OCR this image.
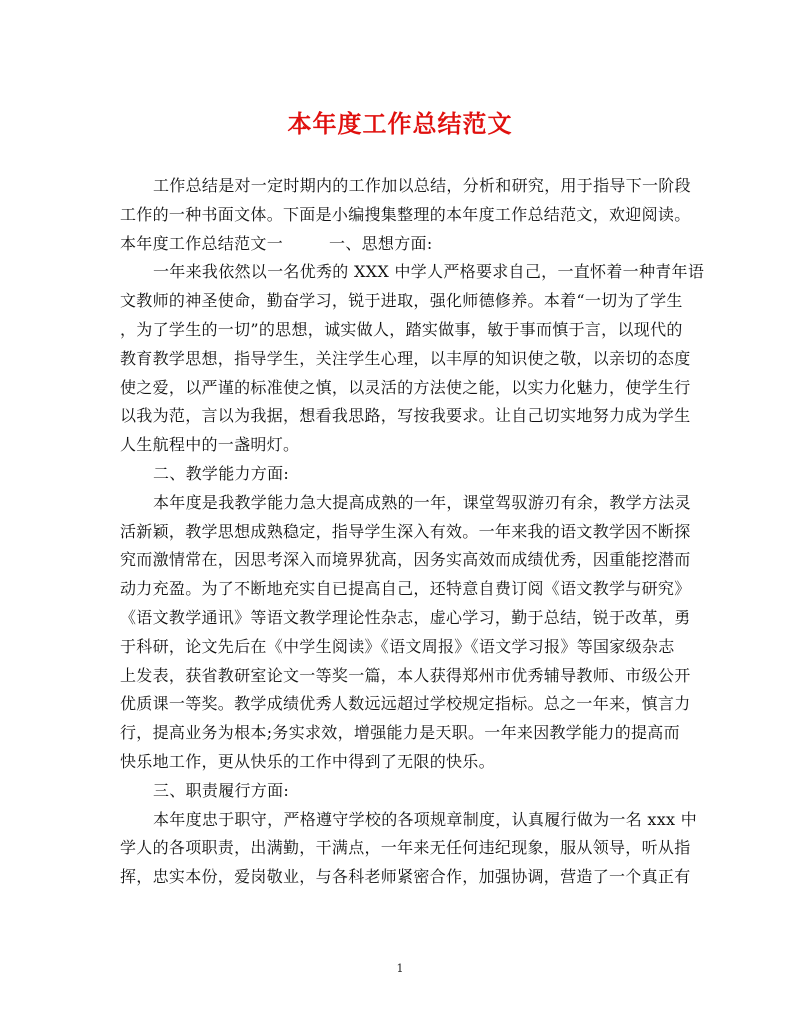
本年度工作总结范文
工作总结是对一定时期内的工作加以总结，分析和研究，用于指导下一阶段
工作的一种书面文体。下面是小编搜集整理的本年度工作总结范文，欢迎阅读。
本年度工作总结范文一	一、思想方面:
一年来我依然以一名优秀的 XXX 中学人严格要求自己，一直怀着一种青年语
文教师的神圣使命，勤奋学习，锐于进取，强化师德修养。本着“一切为了学生
，为了学生的一切”的思想，诚实做人，踏实做事，敏于事而慎于言，以现代的
教育教学思想，指导学生，关注学生心理，以丰厚的知识使之敬，以亲切的态度
使之爱，以严谨的标准使之慎，以灵活的方法使之能，以实力化魅力，使学生行
以我为范，言以为我据，想看我思路，写按我要求。让自己切实地努力成为学生
人生航程中的一盏明灯。
二、教学能力方面:
本年度是我教学能力急大提高成熟的一年，课堂驾驭游刃有余，教学方法灵
活新颖，教学思想成熟稳定，指导学生深入有效。一年来我的语文教学因不断探
究而激情常在，因思考深入而境界犹高，因务实高效而成绩优秀，因重能挖潜而
动力充盈。为了不断地充实自已提高自己，还特意自费订阅《语文教学与研究》
《语文教学通讯》等语文教学理论性杂志，虚心学习，勤于总结，锐于改革，勇
于科研，论文先后在《中学生阅读》《语文周报》《语文学习报》等国家级杂志
上发表，获省教研室论文一等奖一篇，本人获得郑州市优秀辅导教师、市级公开
优质课一等奖。教学成绩优秀人数远远超过学校规定指标。总之一年来，慎言力
行，提高业务为根本;务实求效，增强能力是天职。一年来因教学能力的提高而
快乐地工作，更从快乐的工作中得到了无限的快乐。
三、职责履行方面:
本年度忠于职守，严格遵守学校的各项规章制度，认真履行做为一名 xxx 中
学人的各项职责，出满勤，干满点，一年来无任何违纪现象，服从领导，听从指
挥，忠实本份，爱岗敬业，与各科老师紧密合作，加强协调，营造了一个真正有
1
